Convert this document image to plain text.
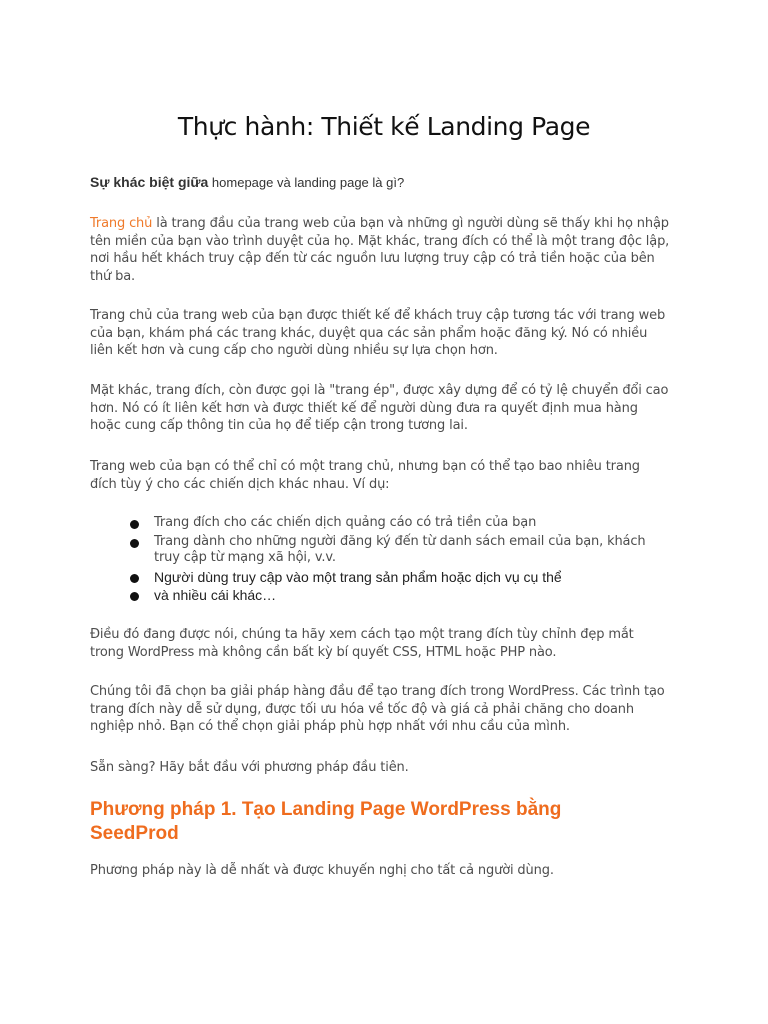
Thực hành: Thiết kế Landing Page

Sự khác biệt giữa homepage và landing page là gì?

Trang chủ là trang đầu của trang web của bạn và những gì người dùng sẽ thấy khi họ nhập tên miền của bạn vào trình duyệt của họ. Mặt khác, trang đích có thể là một trang độc lập, nơi hầu hết khách truy cập đến từ các nguồn lưu lượng truy cập có trả tiền hoặc của bên thứ ba.

Trang chủ của trang web của bạn được thiết kế để khách truy cập tương tác với trang web của bạn, khám phá các trang khác, duyệt qua các sản phẩm hoặc đăng ký. Nó có nhiều liên kết hơn và cung cấp cho người dùng nhiều sự lựa chọn hơn.

Mặt khác, trang đích, còn được gọi là "trang ép", được xây dựng để có tỷ lệ chuyển đổi cao hơn. Nó có ít liên kết hơn và được thiết kế để người dùng đưa ra quyết định mua hàng hoặc cung cấp thông tin của họ để tiếp cận trong tương lai.

Trang web của bạn có thể chỉ có một trang chủ, nhưng bạn có thể tạo bao nhiêu trang đích tùy ý cho các chiến dịch khác nhau. Ví dụ:

Trang đích cho các chiến dịch quảng cáo có trả tiền của bạn
Trang dành cho những người đăng ký đến từ danh sách email của bạn, khách truy cập từ mạng xã hội, v.v.
Người dùng truy cập vào một trang sản phẩm hoặc dịch vụ cụ thể
và nhiều cái khác…

Điều đó đang được nói, chúng ta hãy xem cách tạo một trang đích tùy chỉnh đẹp mắt trong WordPress mà không cần bất kỳ bí quyết CSS, HTML hoặc PHP nào.

Chúng tôi đã chọn ba giải pháp hàng đầu để tạo trang đích trong WordPress. Các trình tạo trang đích này dễ sử dụng, được tối ưu hóa về tốc độ và giá cả phải chăng cho doanh nghiệp nhỏ. Bạn có thể chọn giải pháp phù hợp nhất với nhu cầu của mình.

Sẵn sàng? Hãy bắt đầu với phương pháp đầu tiên.

Phương pháp 1. Tạo Landing Page WordPress bằng SeedProd

Phương pháp này là dễ nhất và được khuyến nghị cho tất cả người dùng.
